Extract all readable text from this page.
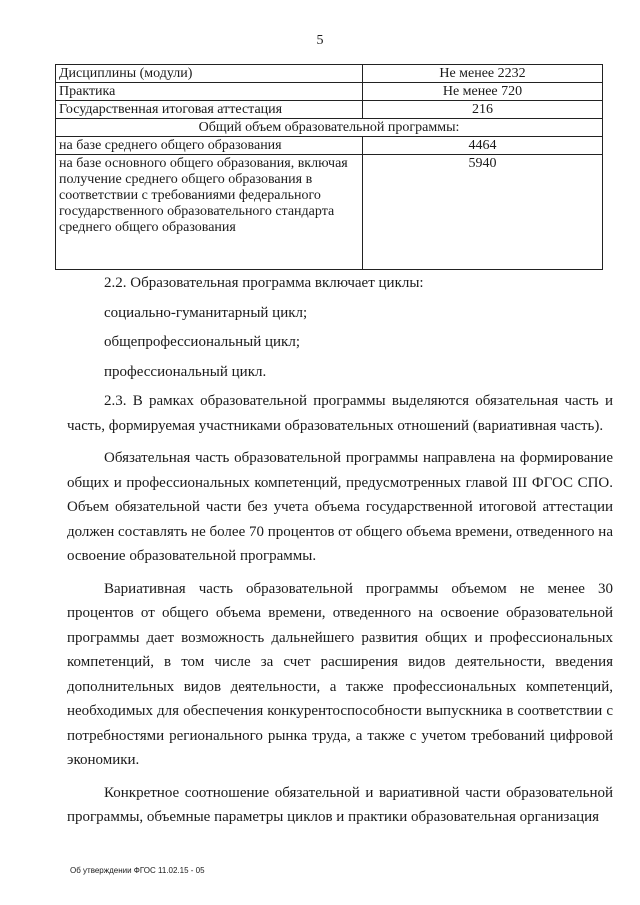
5
Дисциплины (модули)	Не менее 2232
Практика	Не менее 720
Государственная итоговая аттестация	216
Общий объем образовательной программы:	
на базе среднего общего образования	4464
на базе основного общего образования, включая получение среднего общего образования в соответствии с требованиями федерального государственного образовательного стандарта среднего общего образования	5940

2.2. Образовательная программа включает циклы:

социально-гуманитарный цикл;

общепрофессиональный цикл;

профессиональный цикл.

2.3. В рамках образовательной программы выделяются обязательная часть и часть, формируемая участниками образовательных отношений (вариативная часть).

Обязательная часть образовательной программы направлена на формирование общих и профессиональных компетенций, предусмотренных главой III ФГОС СПО. Объем обязательной части без учета объема государственной итоговой аттестации должен составлять не более 70 процентов от общего объема времени, отведенного на освоение образовательной программы.

Вариативная часть образовательной программы объемом не менее 30 процентов от общего объема времени, отведенного на освоение образовательной программы дает возможность дальнейшего развития общих и профессиональных компетенций, в том числе за счет расширения видов деятельности, введения дополнительных видов деятельности, а также профессиональных компетенций, необходимых для обеспечения конкурентоспособности выпускника в соответствии с потребностями регионального рынка труда, а также с учетом требований цифровой экономики.

Конкретное соотношение обязательной и вариативной части образовательной программы, объемные параметры циклов и практики образовательная организация

Об утверждении ФГОС 11.02.15 - 05
